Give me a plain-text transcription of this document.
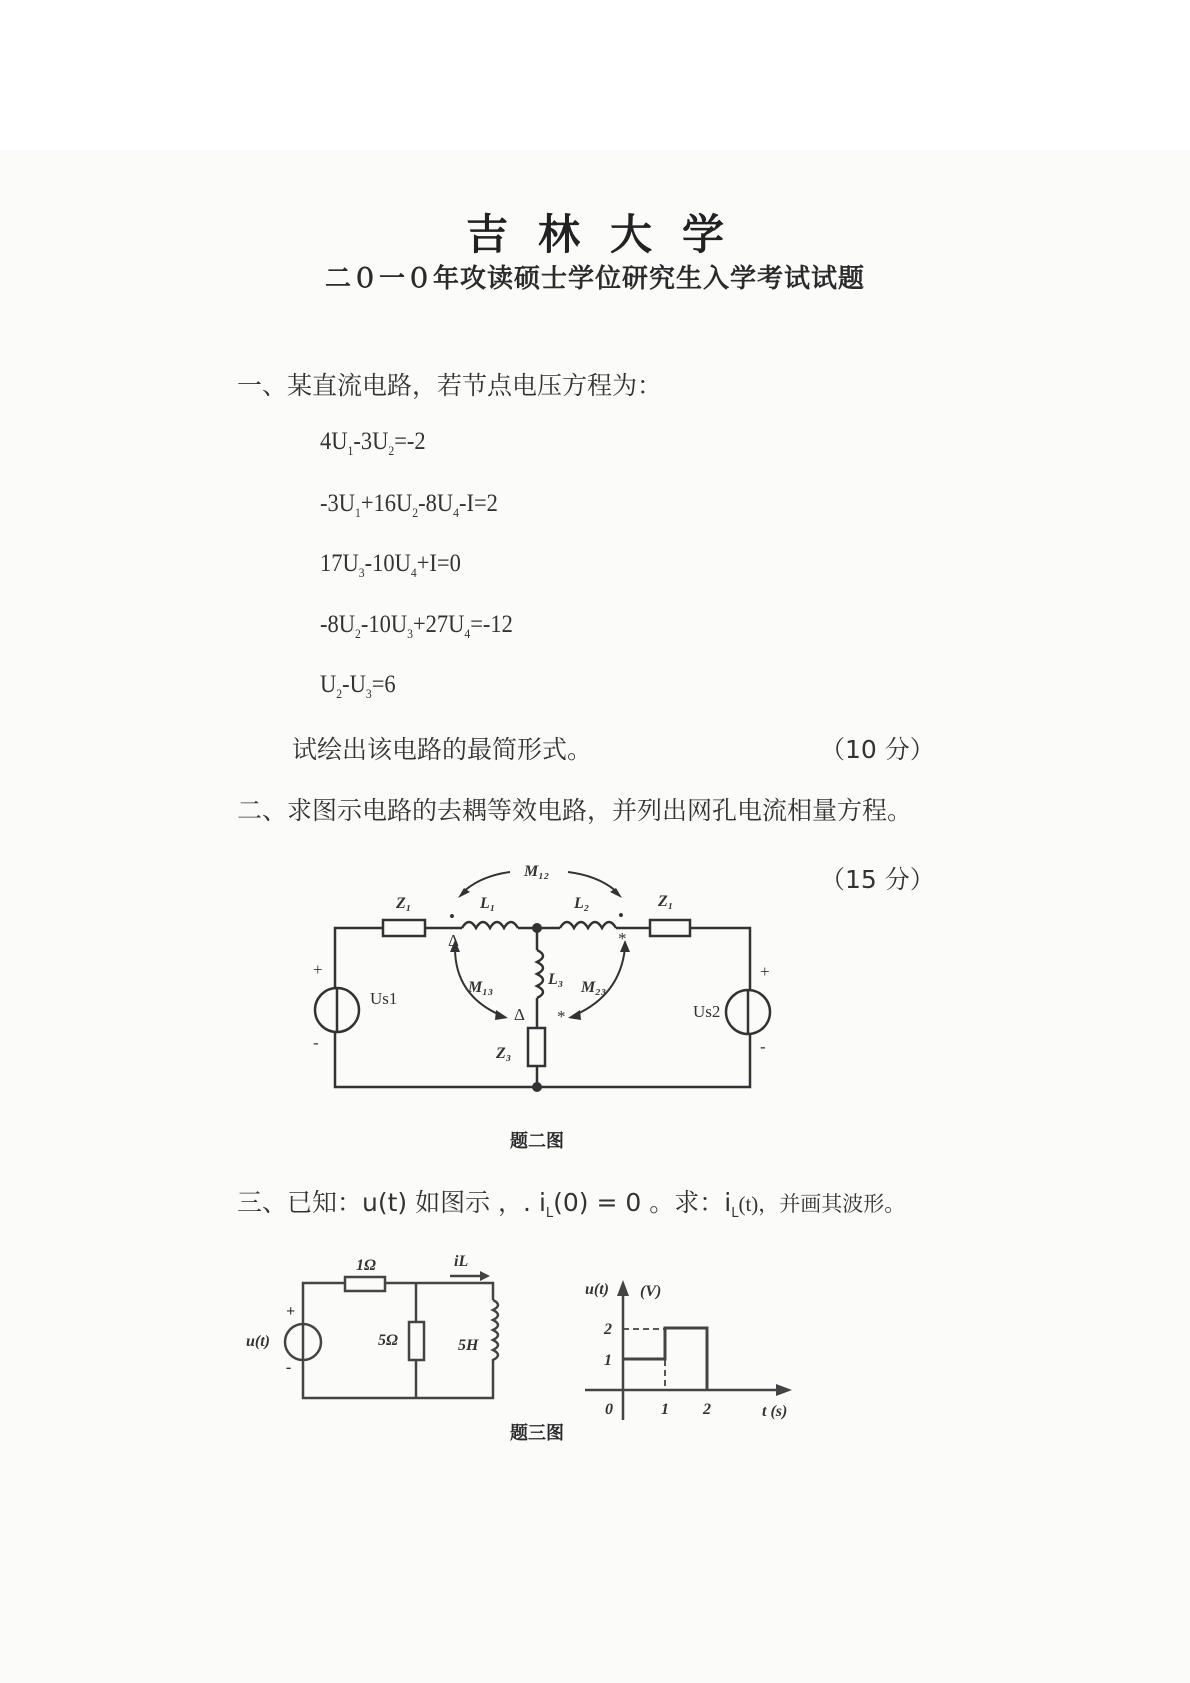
吉林大学
二０一０年攻读硕士学位研究生入学考试试题
一、某直流电路，若节点电压方程为：
$4U_1-3U_2=-2$
$-3U_1+16U_2-8U_4-I=2$
$17U_3-10U_4+I=0$
$-8U_2-10U_3+27U_4=-12$
$U_2-U_3=6$
试绘出该电路的最简形式。	（10 分）
二、求图示电路的去耦等效电路，并列出网孔电流相量方程。
（15 分）
三、已知：u(t) 如图示 ，. $i_L(0) = 0$ 。求：$i_L(t)$，并画其波形。
Z₁	L₁	L₂	Z₁
M₁₂
M₁₃	M₂₃
L₃
Z₃
Us1
Us2
+
-
+
-
•	•
*
*
Δ
Δ
1Ω
5Ω	5H
iL
u(t)
+
-
u(t) (V)
2
1
0	1 2	t (s)
题二图
题三图
